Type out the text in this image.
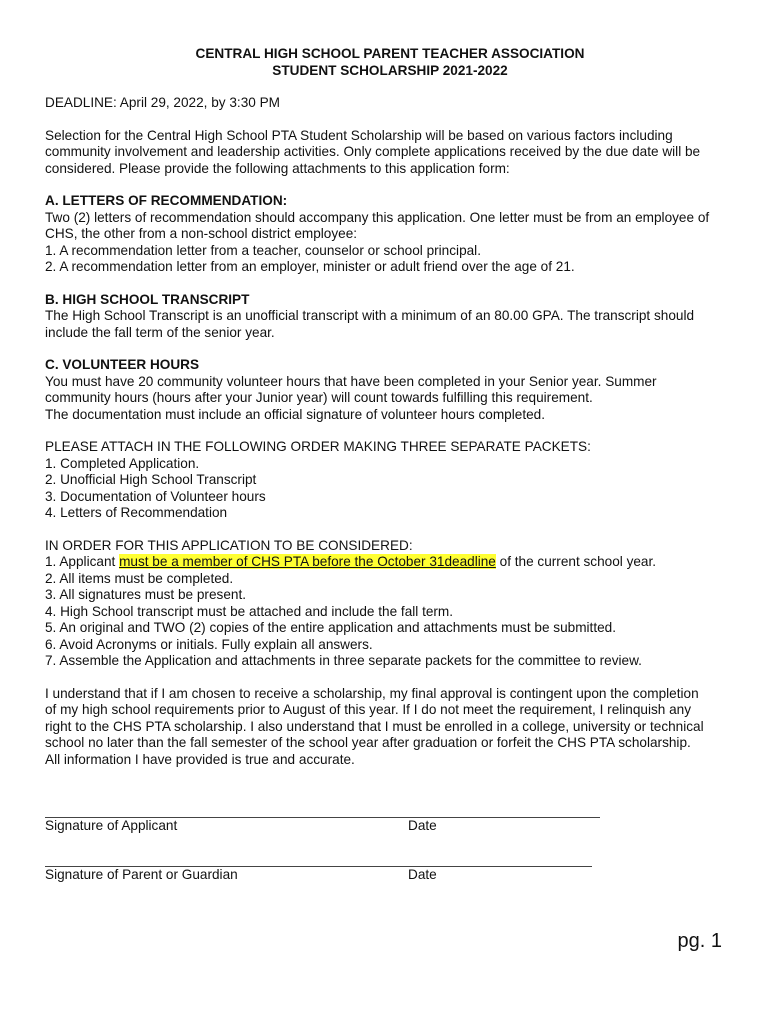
CENTRAL HIGH SCHOOL PARENT TEACHER ASSOCIATION

STUDENT SCHOLARSHIP 2021-2022

DEADLINE: April 29, 2022, by 3:30 PM

Selection for the Central High School PTA Student Scholarship will be based on various factors including

community involvement and leadership activities. Only complete applications received by the due date will be

considered. Please provide the following attachments to this application form:

A. LETTERS OF RECOMMENDATION:

Two (2) letters of recommendation should accompany this application. One letter must be from an employee of

CHS, the other from a non-school district employee:

1. A recommendation letter from a teacher, counselor or school principal.

2. A recommendation letter from an employer, minister or adult friend over the age of 21.

B. HIGH SCHOOL TRANSCRIPT

The High School Transcript is an unofficial transcript with a minimum of an 80.00 GPA. The transcript should

include the fall term of the senior year.

C. VOLUNTEER HOURS

You must have 20 community volunteer hours that have been completed in your Senior year. Summer

community hours (hours after your Junior year) will count towards fulfilling this requirement.

The documentation must include an official signature of volunteer hours completed.

PLEASE ATTACH IN THE FOLLOWING ORDER MAKING THREE SEPARATE PACKETS:

1. Completed Application.

2. Unofficial High School Transcript

3. Documentation of Volunteer hours

4. Letters of Recommendation

IN ORDER FOR THIS APPLICATION TO BE CONSIDERED:

1. Applicant must be a member of CHS PTA before the October 31deadline of the current school year.

2. All items must be completed.

3. All signatures must be present.

4. High School transcript must be attached and include the fall term.

5. An original and TWO (2) copies of the entire application and attachments must be submitted.

6. Avoid Acronyms or initials. Fully explain all answers.

7. Assemble the Application and attachments in three separate packets for the committee to review.

I understand that if I am chosen to receive a scholarship, my final approval is contingent upon the completion

of my high school requirements prior to August of this year. If I do not meet the requirement, I relinquish any

right to the CHS PTA scholarship. I also understand that I must be enrolled in a college, university or technical

school no later than the fall semester of the school year after graduation or forfeit the CHS PTA scholarship.

All information I have provided is true and accurate.

Signature of Applicant	Date
Signature of Parent or Guardian	Date
pg. 1
